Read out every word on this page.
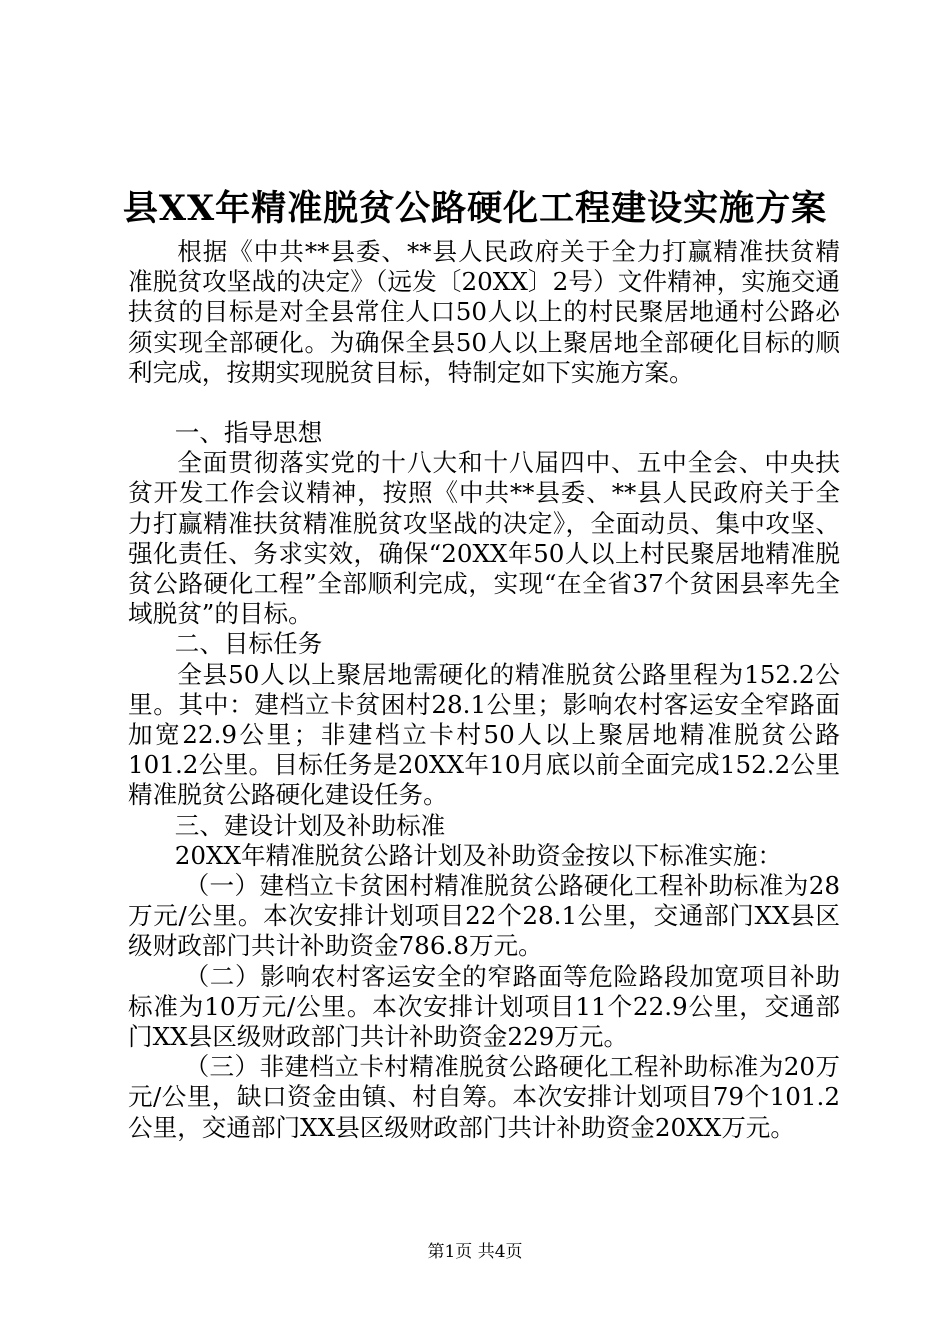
县XX年精准脱贫公路硬化工程建设实施方案

根据《中共**县委、**县人民政府关于全力打赢精准扶贫精准脱贫攻坚战的决定》（远发〔20XX〕2号）文件精神，实施交通扶贫的目标是对全县常住人口50人以上的村民聚居地通村公路必须实现全部硬化。为确保全县50人以上聚居地全部硬化目标的顺利完成，按期实现脱贫目标，特制定如下实施方案。

一、指导思想

全面贯彻落实党的十八大和十八届四中、五中全会、中央扶贫开发工作会议精神，按照《中共**县委、**县人民政府关于全力打赢精准扶贫精准脱贫攻坚战的决定》，全面动员、集中攻坚、强化责任、务求实效，确保“20XX年50人以上村民聚居地精准脱贫公路硬化工程”全部顺利完成，实现“在全省37个贫困县率先全域脱贫”的目标。

二、目标任务

全县50人以上聚居地需硬化的精准脱贫公路里程为152.2公里。其中：建档立卡贫困村28.1公里；影响农村客运安全窄路面加宽22.9公里；非建档立卡村50人以上聚居地精准脱贫公路101.2公里。目标任务是20XX年10月底以前全面完成152.2公里精准脱贫公路硬化建设任务。

三、建设计划及补助标准

20XX年精准脱贫公路计划及补助资金按以下标准实施：

（一）建档立卡贫困村精准脱贫公路硬化工程补助标准为28万元/公里。本次安排计划项目22个28.1公里，交通部门XX县区级财政部门共计补助资金786.8万元。

（二）影响农村客运安全的窄路面等危险路段加宽项目补助标准为10万元/公里。本次安排计划项目11个22.9公里，交通部门XX县区级财政部门共计补助资金229万元。

（三）非建档立卡村精准脱贫公路硬化工程补助标准为20万元/公里，缺口资金由镇、村自筹。本次安排计划项目79个101.2公里，交通部门XX县区级财政部门共计补助资金20XX万元。

第1页 共4页
